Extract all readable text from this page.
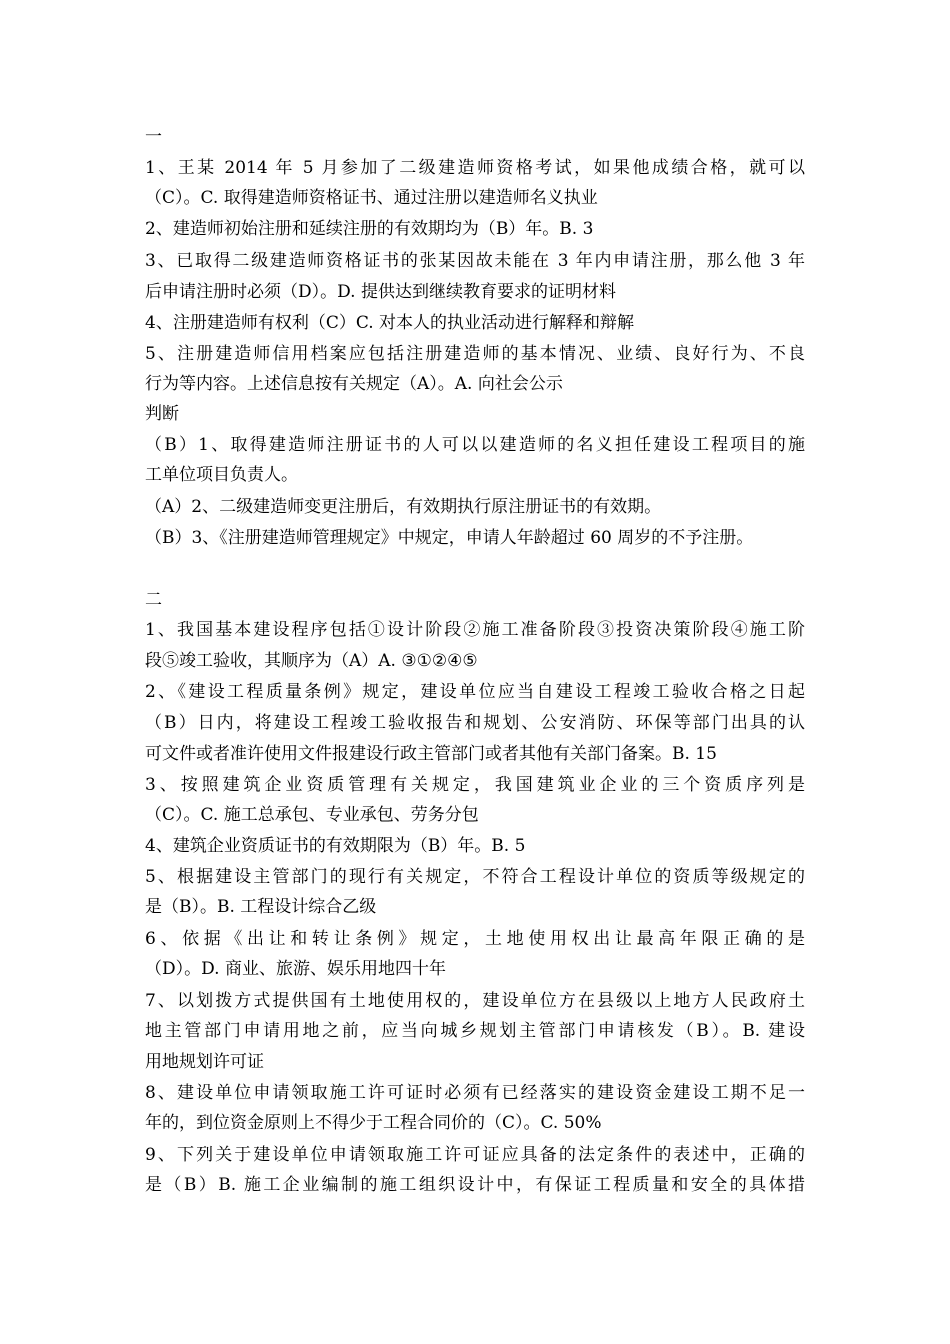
一
1、王某 2014 年 5 月参加了二级建造师资格考试，如果他成绩合格，就可以
（C）。C. 取得建造师资格证书、通过注册以建造师名义执业
2、建造师初始注册和延续注册的有效期均为（B）年。B. 3
3、已取得二级建造师资格证书的张某因故未能在 3 年内申请注册，那么他 3 年
后申请注册时必须（D）。D. 提供达到继续教育要求的证明材料
4、注册建造师有权利（C）C. 对本人的执业活动进行解释和辩解
5、注册建造师信用档案应包括注册建造师的基本情况、业绩、良好行为、不良
行为等内容。上述信息按有关规定（A）。A. 向社会公示
判断
（B）1、取得建造师注册证书的人可以以建造师的名义担任建设工程项目的施
工单位项目负责人。
（A）2、二级建造师变更注册后，有效期执行原注册证书的有效期。
（B）3、《注册建造师管理规定》中规定，申请人年龄超过 60 周岁的不予注册。
二
1、我国基本建设程序包括①设计阶段②施工准备阶段③投资决策阶段④施工阶
段⑤竣工验收，其顺序为（A）A. ③①②④⑤
2、《建设工程质量条例》规定，建设单位应当自建设工程竣工验收合格之日起
（B）日内，将建设工程竣工验收报告和规划、公安消防、环保等部门出具的认
可文件或者准许使用文件报建设行政主管部门或者其他有关部门备案。B. 15
3、按照建筑企业资质管理有关规定，我国建筑业企业的三个资质序列是
（C）。C. 施工总承包、专业承包、劳务分包
4、建筑企业资质证书的有效期限为（B）年。B. 5
5、根据建设主管部门的现行有关规定，不符合工程设计单位的资质等级规定的
是（B）。B. 工程设计综合乙级
6、依据《出让和转让条例》规定，土地使用权出让最高年限正确的是
（D）。D. 商业、旅游、娱乐用地四十年
7、以划拨方式提供国有土地使用权的，建设单位方在县级以上地方人民政府土
地主管部门申请用地之前，应当向城乡规划主管部门申请核发（B）。B. 建设
用地规划许可证
8、建设单位申请领取施工许可证时必须有已经落实的建设资金建设工期不足一
年的，到位资金原则上不得少于工程合同价的（C）。C. 50%
9、下列关于建设单位申请领取施工许可证应具备的法定条件的表述中，正确的
是（B）B. 施工企业编制的施工组织设计中，有保证工程质量和安全的具体措
